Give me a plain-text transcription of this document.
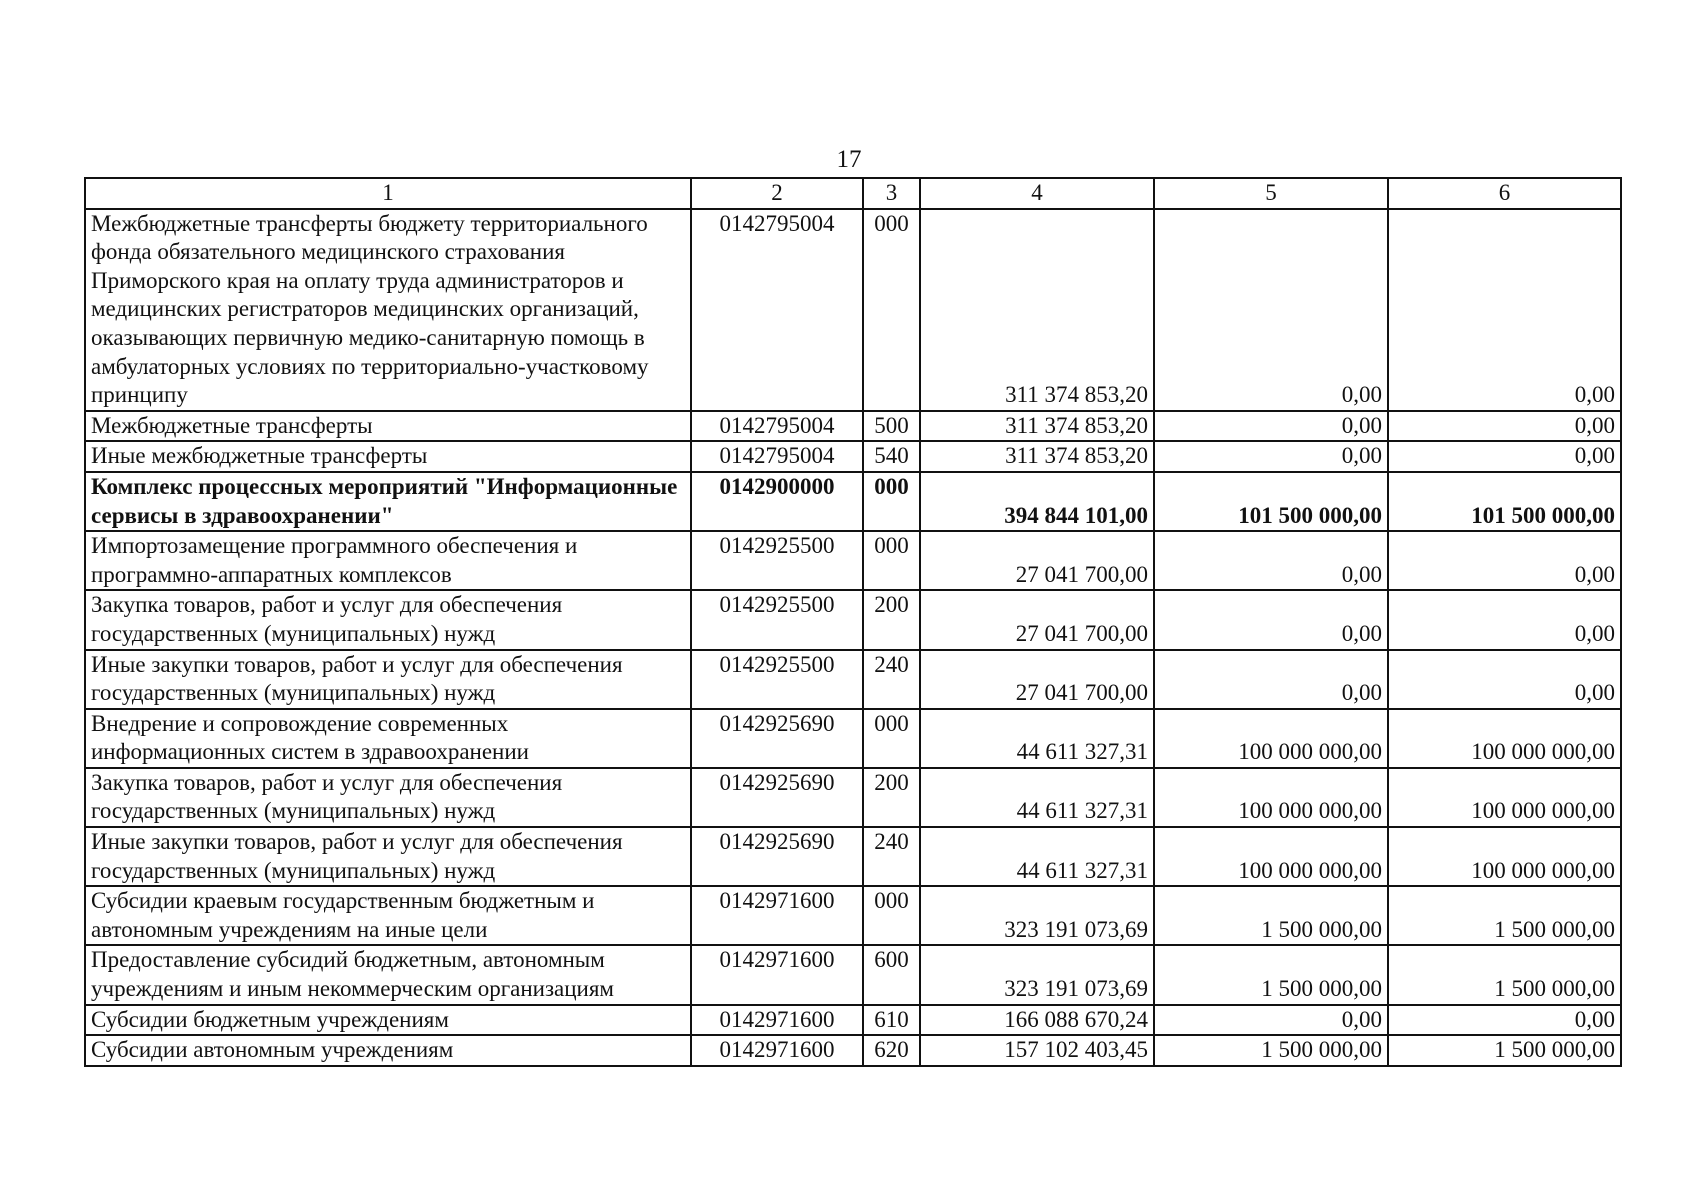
17
1	2	3	4	5	6
Межбюджетные трансферты бюджету территориального фонда обязательного медицинского страхования Приморского края на оплату труда администраторов и медицинских регистраторов медицинских организаций, оказывающих первичную медико-санитарную помощь в амбулаторных условиях по территориально-участковому принципу	0142795004	000	311 374 853,20	0,00	0,00
Межбюджетные трансферты	0142795004	500	311 374 853,20	0,00	0,00
Иные межбюджетные трансферты	0142795004	540	311 374 853,20	0,00	0,00
Комплекс процессных мероприятий "Информационные сервисы в здравоохранении"	0142900000	000	394 844 101,00	101 500 000,00	101 500 000,00
Импортозамещение программного обеспечения и программно-аппаратных комплексов	0142925500	000	27 041 700,00	0,00	0,00
Закупка товаров, работ и услуг для обеспечения государственных (муниципальных) нужд	0142925500	200	27 041 700,00	0,00	0,00
Иные закупки товаров, работ и услуг для обеспечения государственных (муниципальных) нужд	0142925500	240	27 041 700,00	0,00	0,00
Внедрение и сопровождение современных информационных систем в здравоохранении	0142925690	000	44 611 327,31	100 000 000,00	100 000 000,00
Закупка товаров, работ и услуг для обеспечения государственных (муниципальных) нужд	0142925690	200	44 611 327,31	100 000 000,00	100 000 000,00
Иные закупки товаров, работ и услуг для обеспечения государственных (муниципальных) нужд	0142925690	240	44 611 327,31	100 000 000,00	100 000 000,00
Субсидии краевым государственным бюджетным и автономным учреждениям на иные цели	0142971600	000	323 191 073,69	1 500 000,00	1 500 000,00
Предоставление субсидий бюджетным, автономным учреждениям и иным некоммерческим организациям	0142971600	600	323 191 073,69	1 500 000,00	1 500 000,00
Субсидии бюджетным учреждениям	0142971600	610	166 088 670,24	0,00	0,00
Субсидии автономным учреждениям	0142971600	620	157 102 403,45	1 500 000,00	1 500 000,00
